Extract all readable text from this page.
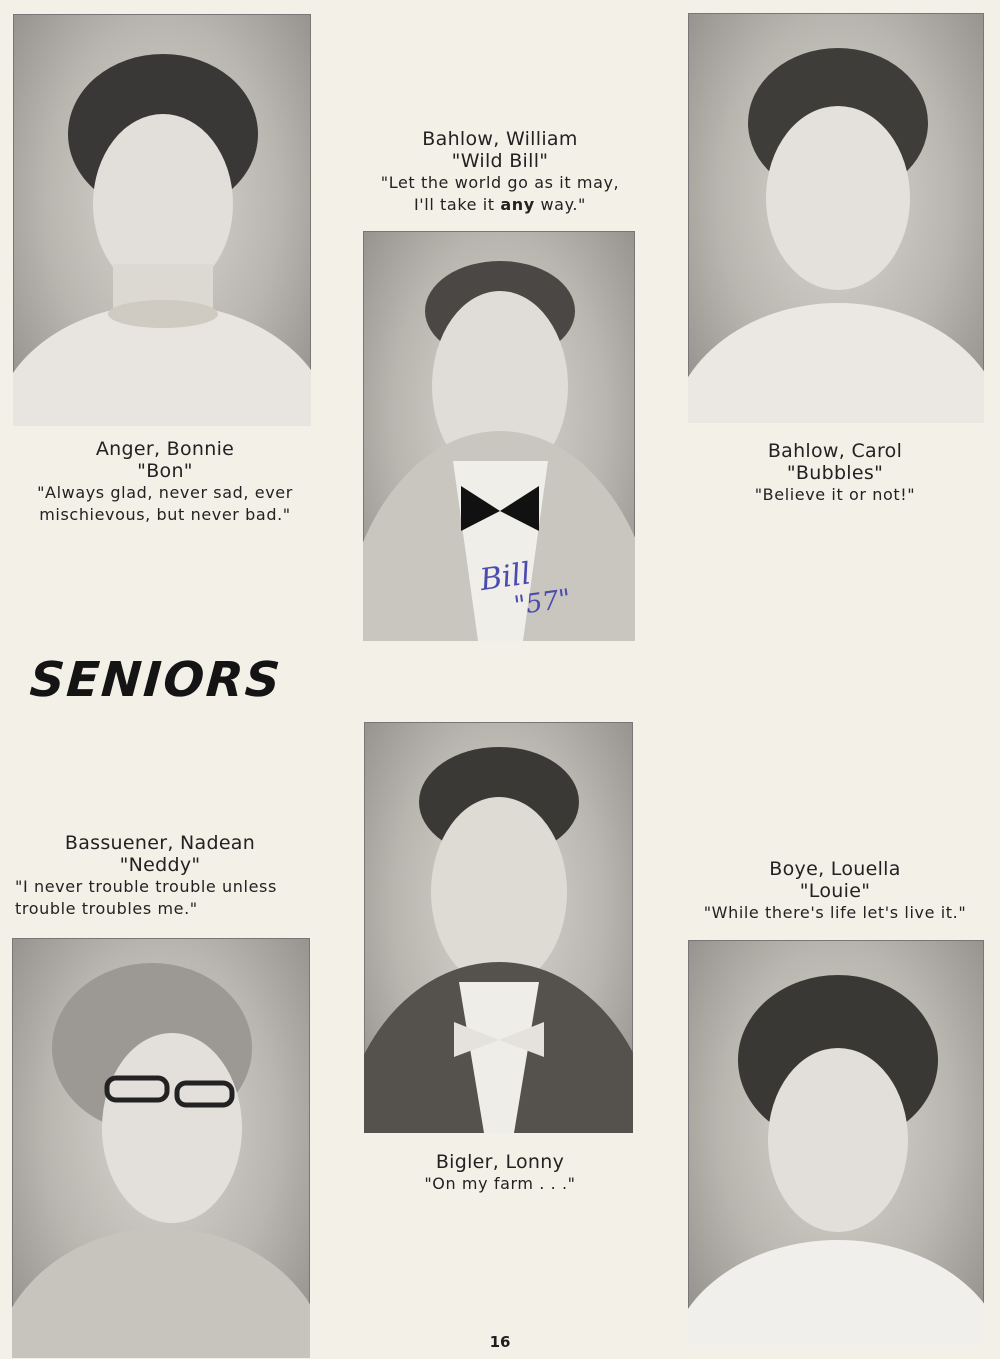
Bill
"57"
Anger, Bonnie
"Bon"
"Always glad, never sad, ever mischievous, but never bad."
Bahlow, William
"Wild Bill"
"Let the world go as it may,
I'll take it any way."
Bahlow, Carol
"Bubbles"
"Believe it or not!"
SENIORS
Bassuener, Nadean
"Neddy"
"I never trouble trouble unless
trouble troubles me."
Bigler, Lonny
"On my farm . . ."
Boye, Louella
"Louie"
"While there's life let's live it."
16
